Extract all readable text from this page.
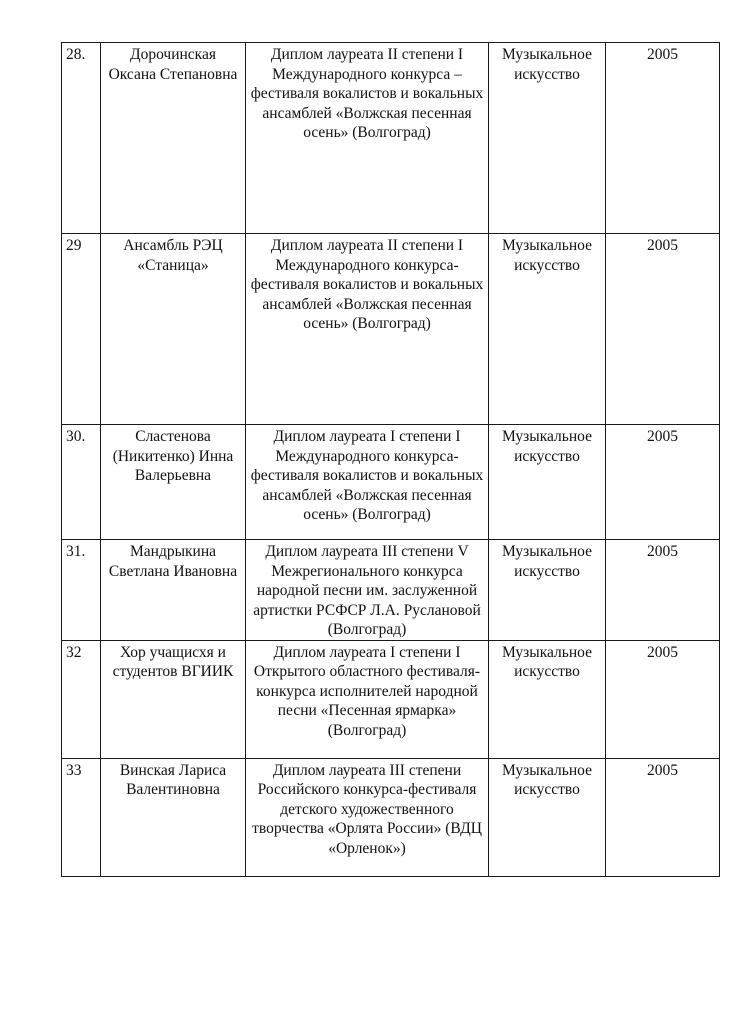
28.	Дорочинская Оксана Степановна	Диплом лауреата II степени I Международного конкурса – фестиваля вокалистов и вокальных ансамблей «Волжская песенная осень» (Волгоград)	Музыкальное искусство	2005
29	Ансамбль РЭЦ «Станица»	Диплом лауреата II степени I Международного конкурса-фестиваля вокалистов и вокальных ансамблей «Волжская песенная осень» (Волгоград)	Музыкальное искусство	2005
30.	Сластенова (Никитенко) Инна Валерьевна	Диплом лауреата I степени I Международного конкурса-фестиваля вокалистов и вокальных ансамблей «Волжская песенная осень» (Волгоград)	Музыкальное искусство	2005
31.	Мандрыкина Светлана Ивановна	Диплом лауреата III степени V Межрегионального конкурса народной песни им. заслуженной артистки РСФСР Л.А. Руслановой (Волгоград)	Музыкальное искусство	2005
32	Хор учащисхя и студентов ВГИИК	Диплом лауреата I степени I Открытого областного фестиваля-конкурса исполнителей народной песни «Песенная ярмарка» (Волгоград)	Музыкальное искусство	2005
33	Винская Лариса Валентиновна	Диплом лауреата III степени Российского конкурса-фестиваля детского художественного творчества «Орлята России» (ВДЦ «Орленок»)	Музыкальное искусство	2005
